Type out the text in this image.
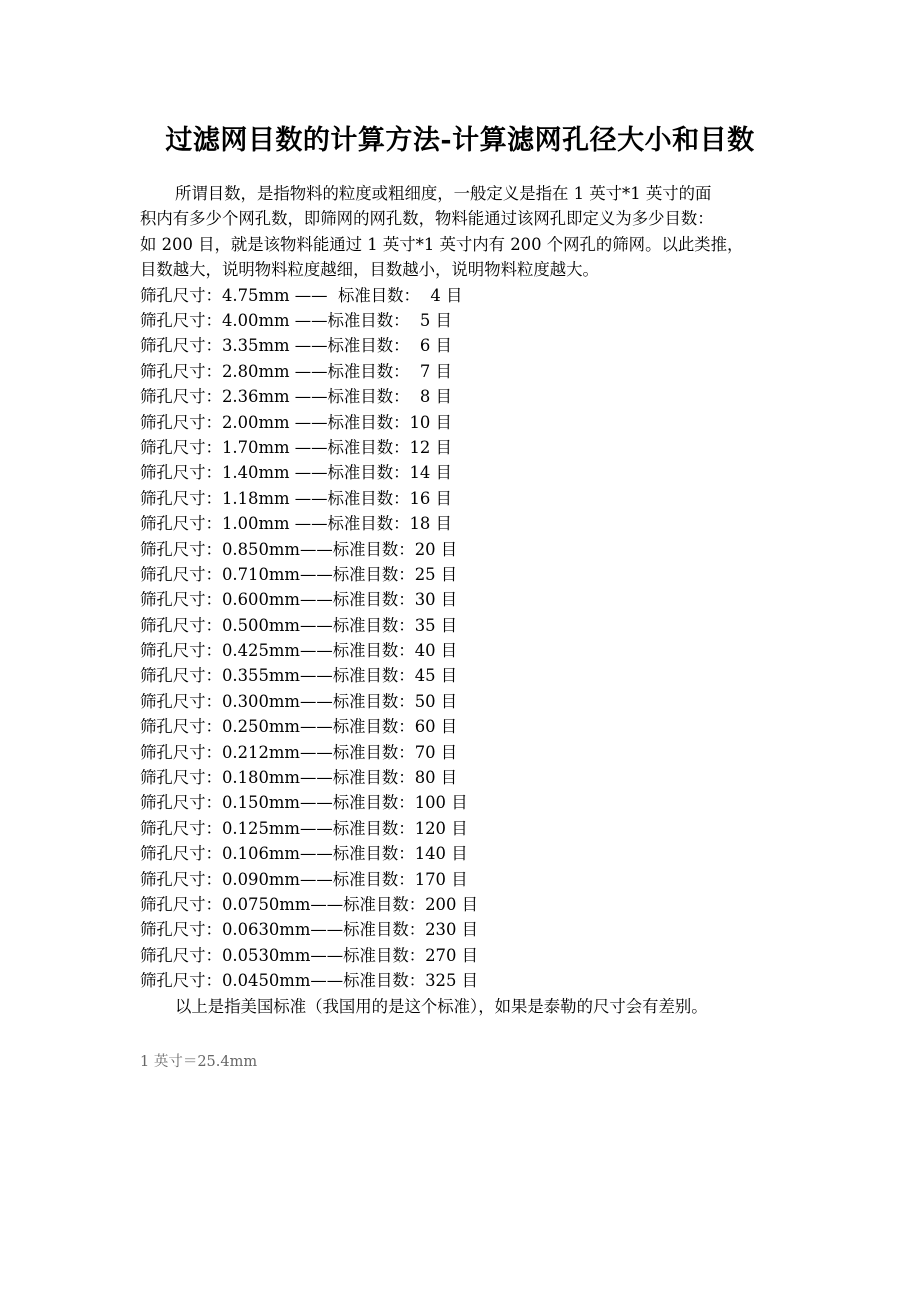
过滤网目数的计算方法-计算滤网孔径大小和目数

所谓目数，是指物料的粒度或粗细度，一般定义是指在 1 英寸*1 英寸的面

积内有多少个网孔数，即筛网的网孔数，物料能通过该网孔即定义为多少目数：

如 200 目，就是该物料能通过 1 英寸*1 英寸内有 200 个网孔的筛网。以此类推，

目数越大，说明物料粒度越细，目数越小，说明物料粒度越大。

筛孔尺寸：4.75mm ——  标准目数：  4 目
筛孔尺寸：4.00mm ——标准目数：  5 目
筛孔尺寸：3.35mm ——标准目数：  6 目
筛孔尺寸：2.80mm ——标准目数：  7 目
筛孔尺寸：2.36mm ——标准目数：  8 目
筛孔尺寸：2.00mm ——标准目数：10 目
筛孔尺寸：1.70mm ——标准目数：12 目
筛孔尺寸：1.40mm ——标准目数：14 目
筛孔尺寸：1.18mm ——标准目数：16 目
筛孔尺寸：1.00mm ——标准目数：18 目
筛孔尺寸：0.850mm——标准目数：20 目
筛孔尺寸：0.710mm——标准目数：25 目
筛孔尺寸：0.600mm——标准目数：30 目
筛孔尺寸：0.500mm——标准目数：35 目
筛孔尺寸：0.425mm——标准目数：40 目
筛孔尺寸：0.355mm——标准目数：45 目
筛孔尺寸：0.300mm——标准目数：50 目
筛孔尺寸：0.250mm——标准目数：60 目
筛孔尺寸：0.212mm——标准目数：70 目
筛孔尺寸：0.180mm——标准目数：80 目
筛孔尺寸：0.150mm——标准目数：100 目
筛孔尺寸：0.125mm——标准目数：120 目
筛孔尺寸：0.106mm——标准目数：140 目
筛孔尺寸：0.090mm——标准目数：170 目
筛孔尺寸：0.0750mm——标准目数：200 目
筛孔尺寸：0.0630mm——标准目数：230 目
筛孔尺寸：0.0530mm——标准目数：270 目
筛孔尺寸：0.0450mm——标准目数：325 目

以上是指美国标准（我国用的是这个标准），如果是泰勒的尺寸会有差别。

1 英寸＝25.4mm
